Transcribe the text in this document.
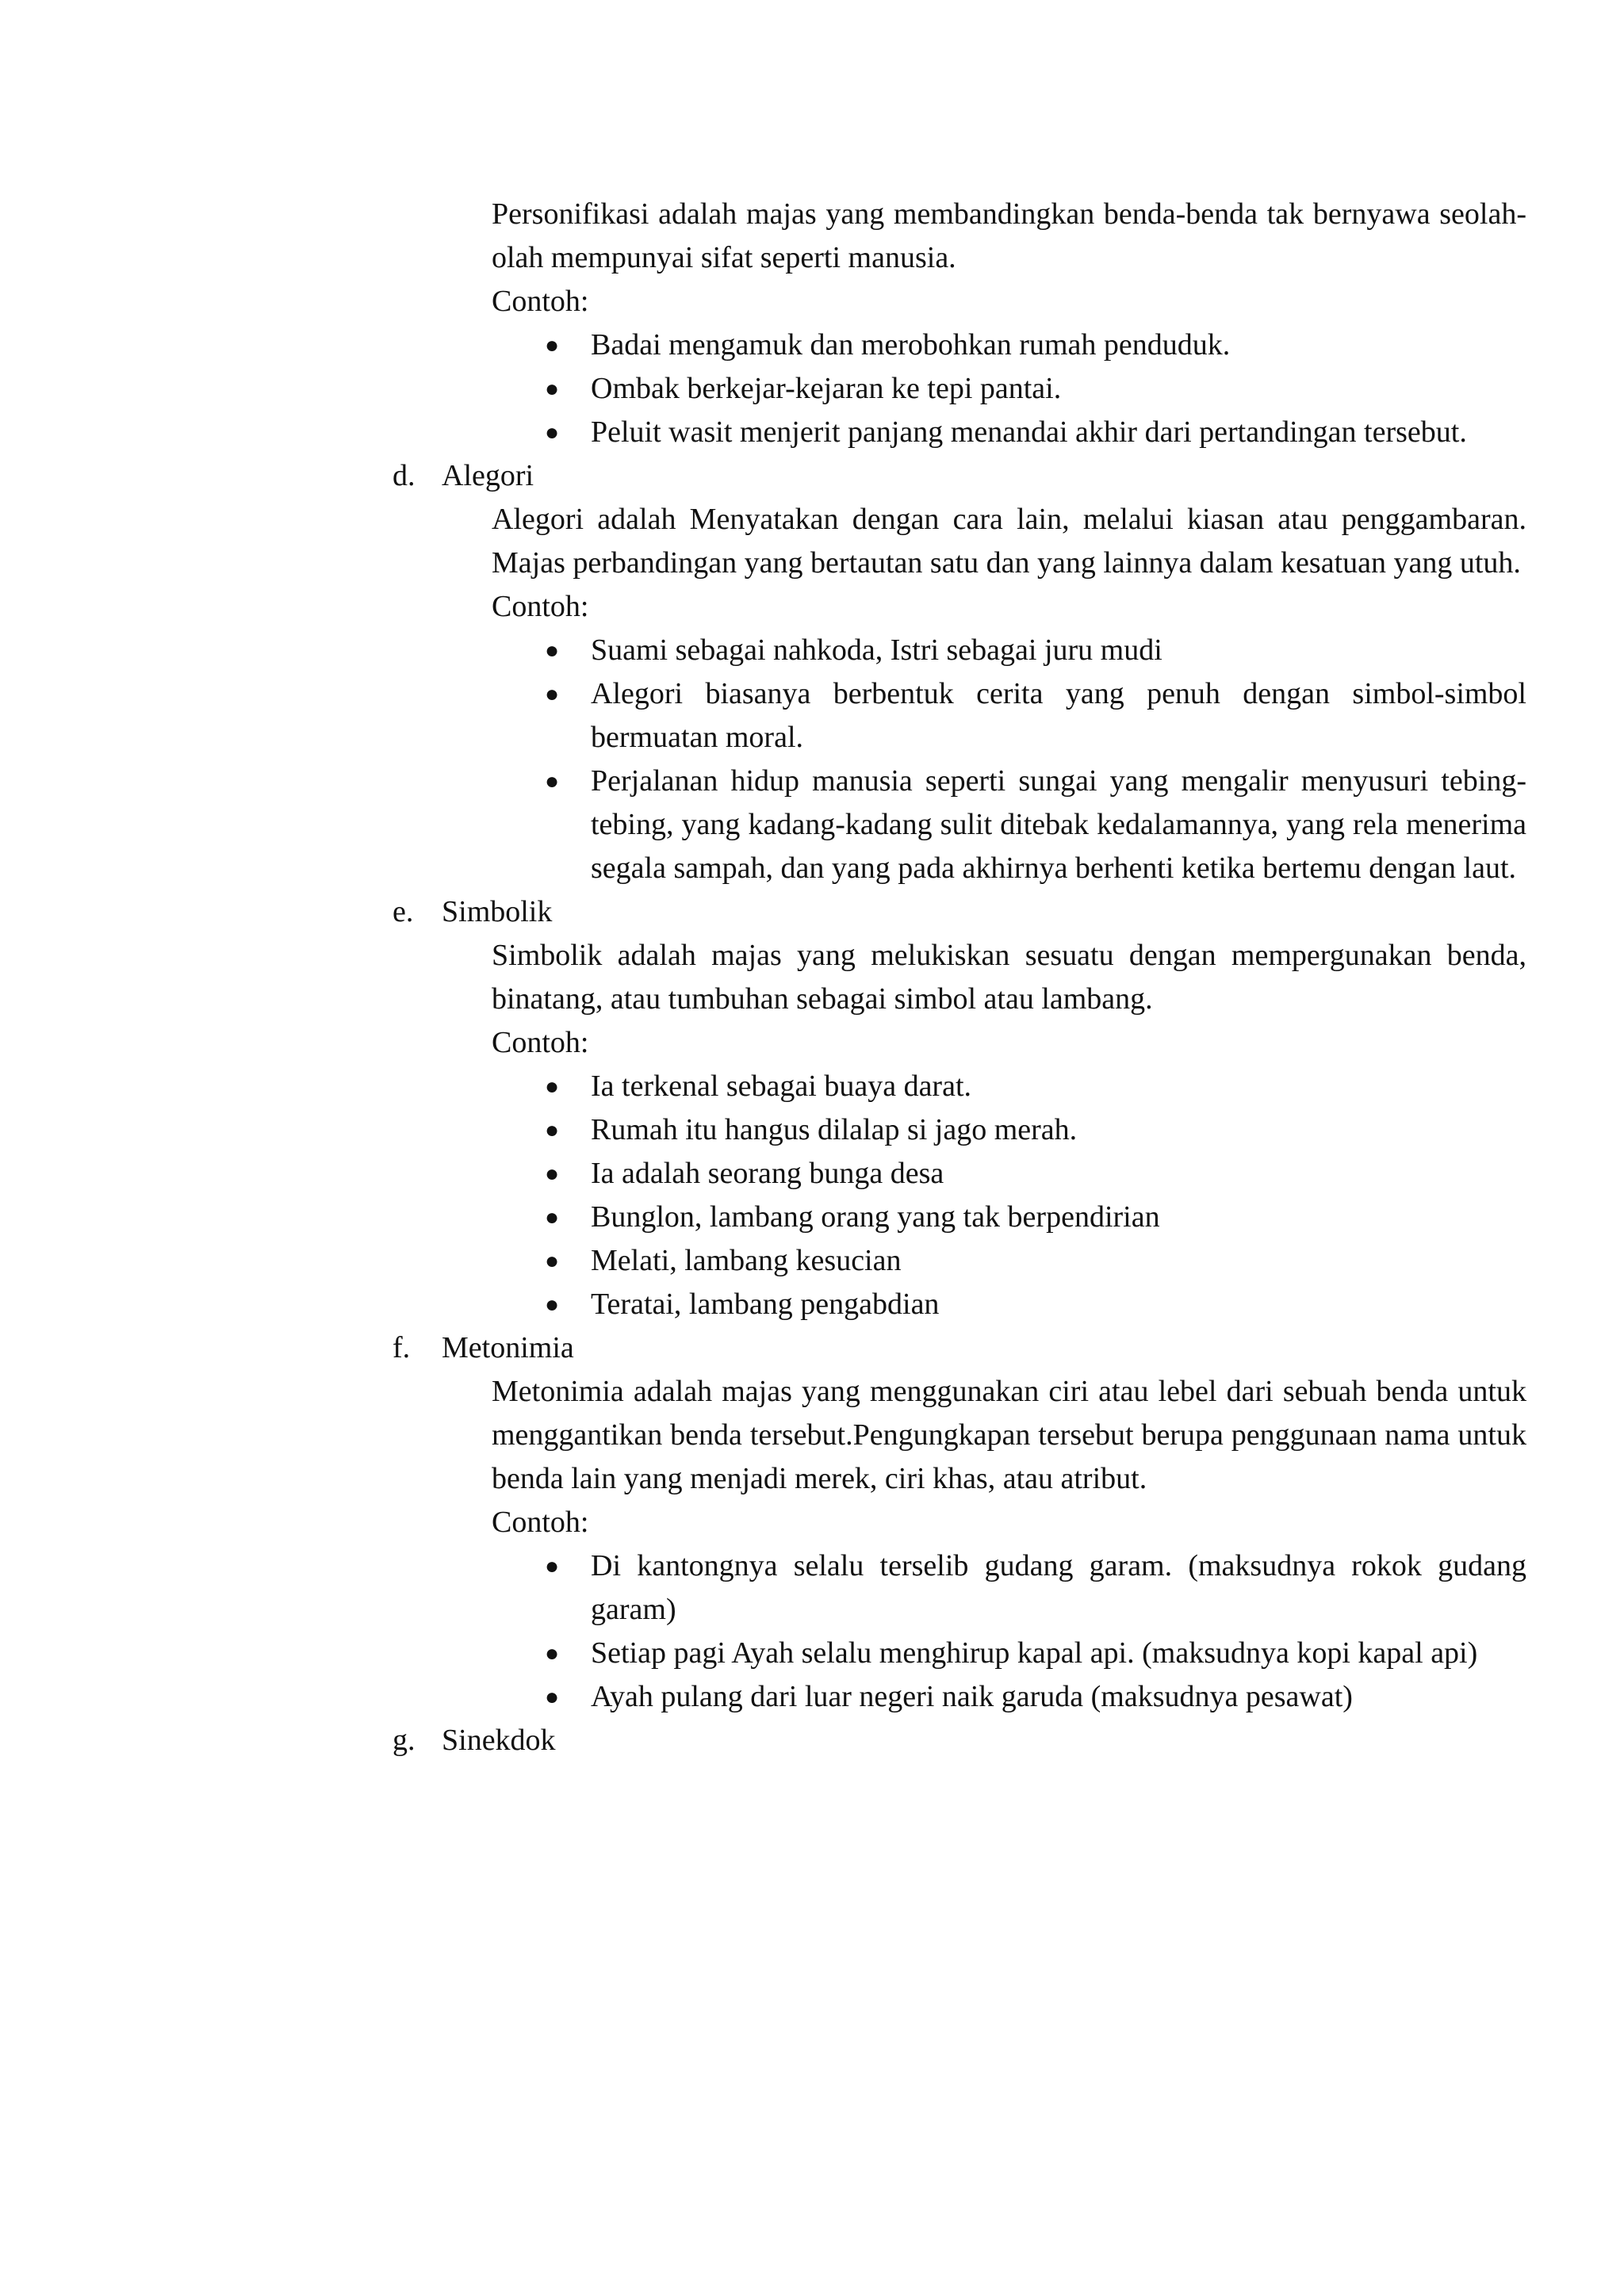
Personifikasi adalah majas yang membandingkan benda-benda tak bernyawa seolah-olah mempunyai sifat seperti manusia.
Contoh:
● Badai mengamuk dan merobohkan rumah penduduk.
● Ombak berkejar-kejaran ke tepi pantai.
● Peluit wasit menjerit panjang menandai akhir dari pertandingan tersebut.
d. Alegori
Alegori adalah Menyatakan dengan cara lain, melalui kiasan atau penggambaran. Majas perbandingan yang bertautan satu dan yang lainnya dalam kesatuan yang utuh.
Contoh:
● Suami sebagai nahkoda, Istri sebagai juru mudi
● Alegori biasanya berbentuk cerita yang penuh dengan simbol-simbol bermuatan moral.
● Perjalanan hidup manusia seperti sungai yang mengalir menyusuri tebing-tebing, yang kadang-kadang sulit ditebak kedalamannya, yang rela menerima segala sampah, dan yang pada akhirnya berhenti ketika bertemu dengan laut.
e. Simbolik
Simbolik adalah majas yang melukiskan sesuatu dengan mempergunakan benda, binatang, atau tumbuhan sebagai simbol atau lambang.
Contoh:
● Ia terkenal sebagai buaya darat.
● Rumah itu hangus dilalap si jago merah.
● Ia adalah seorang bunga desa
● Bunglon, lambang orang yang tak berpendirian
● Melati, lambang kesucian
● Teratai, lambang pengabdian
f. Metonimia
Metonimia adalah majas yang menggunakan ciri atau lebel dari sebuah benda untuk menggantikan benda tersebut.Pengungkapan tersebut berupa penggunaan nama untuk benda lain yang menjadi merek, ciri khas, atau atribut.
Contoh:
● Di kantongnya selalu terselib gudang garam. (maksudnya rokok gudang garam)
● Setiap pagi Ayah selalu menghirup kapal api. (maksudnya kopi kapal api)
● Ayah pulang dari luar negeri naik garuda (maksudnya pesawat)
g. Sinekdok
